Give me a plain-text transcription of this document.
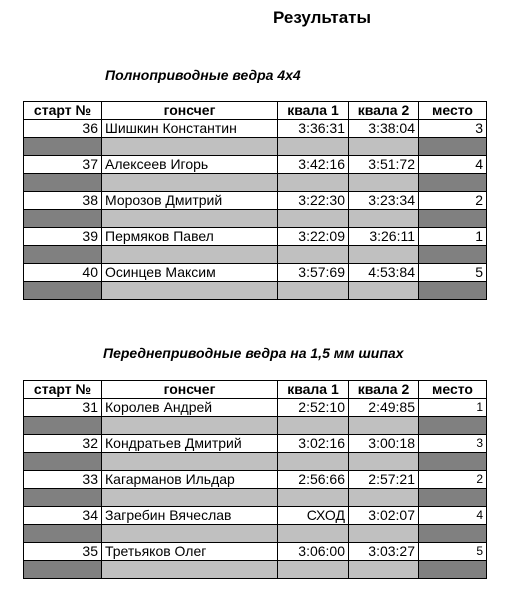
Результаты
Полноприводные ведра 4х4
старт №	гонсчег	квала 1	квала 2	место
36	Шишкин Константин	3:36:31	3:38:04	3

37	Алексеев Игорь	3:42:16	3:51:72	4

38	Морозов Дмитрий	3:22:30	3:23:34	2

39	Пермяков Павел	3:22:09	3:26:11	1

40	Осинцев Максим	3:57:69	4:53:84	5

Переднеприводные ведра на 1,5 мм шипах
старт №	гонсчег	квала 1	квала 2	место
31	Королев Андрей	2:52:10	2:49:85	1

32	Кондратьев Дмитрий	3:02:16	3:00:18	3

33	Кагарманов Ильдар	2:56:66	2:57:21	2

34	Загребин Вячеслав	СХОД	3:02:07	4

35	Третьяков Олег	3:06:00	3:03:27	5
